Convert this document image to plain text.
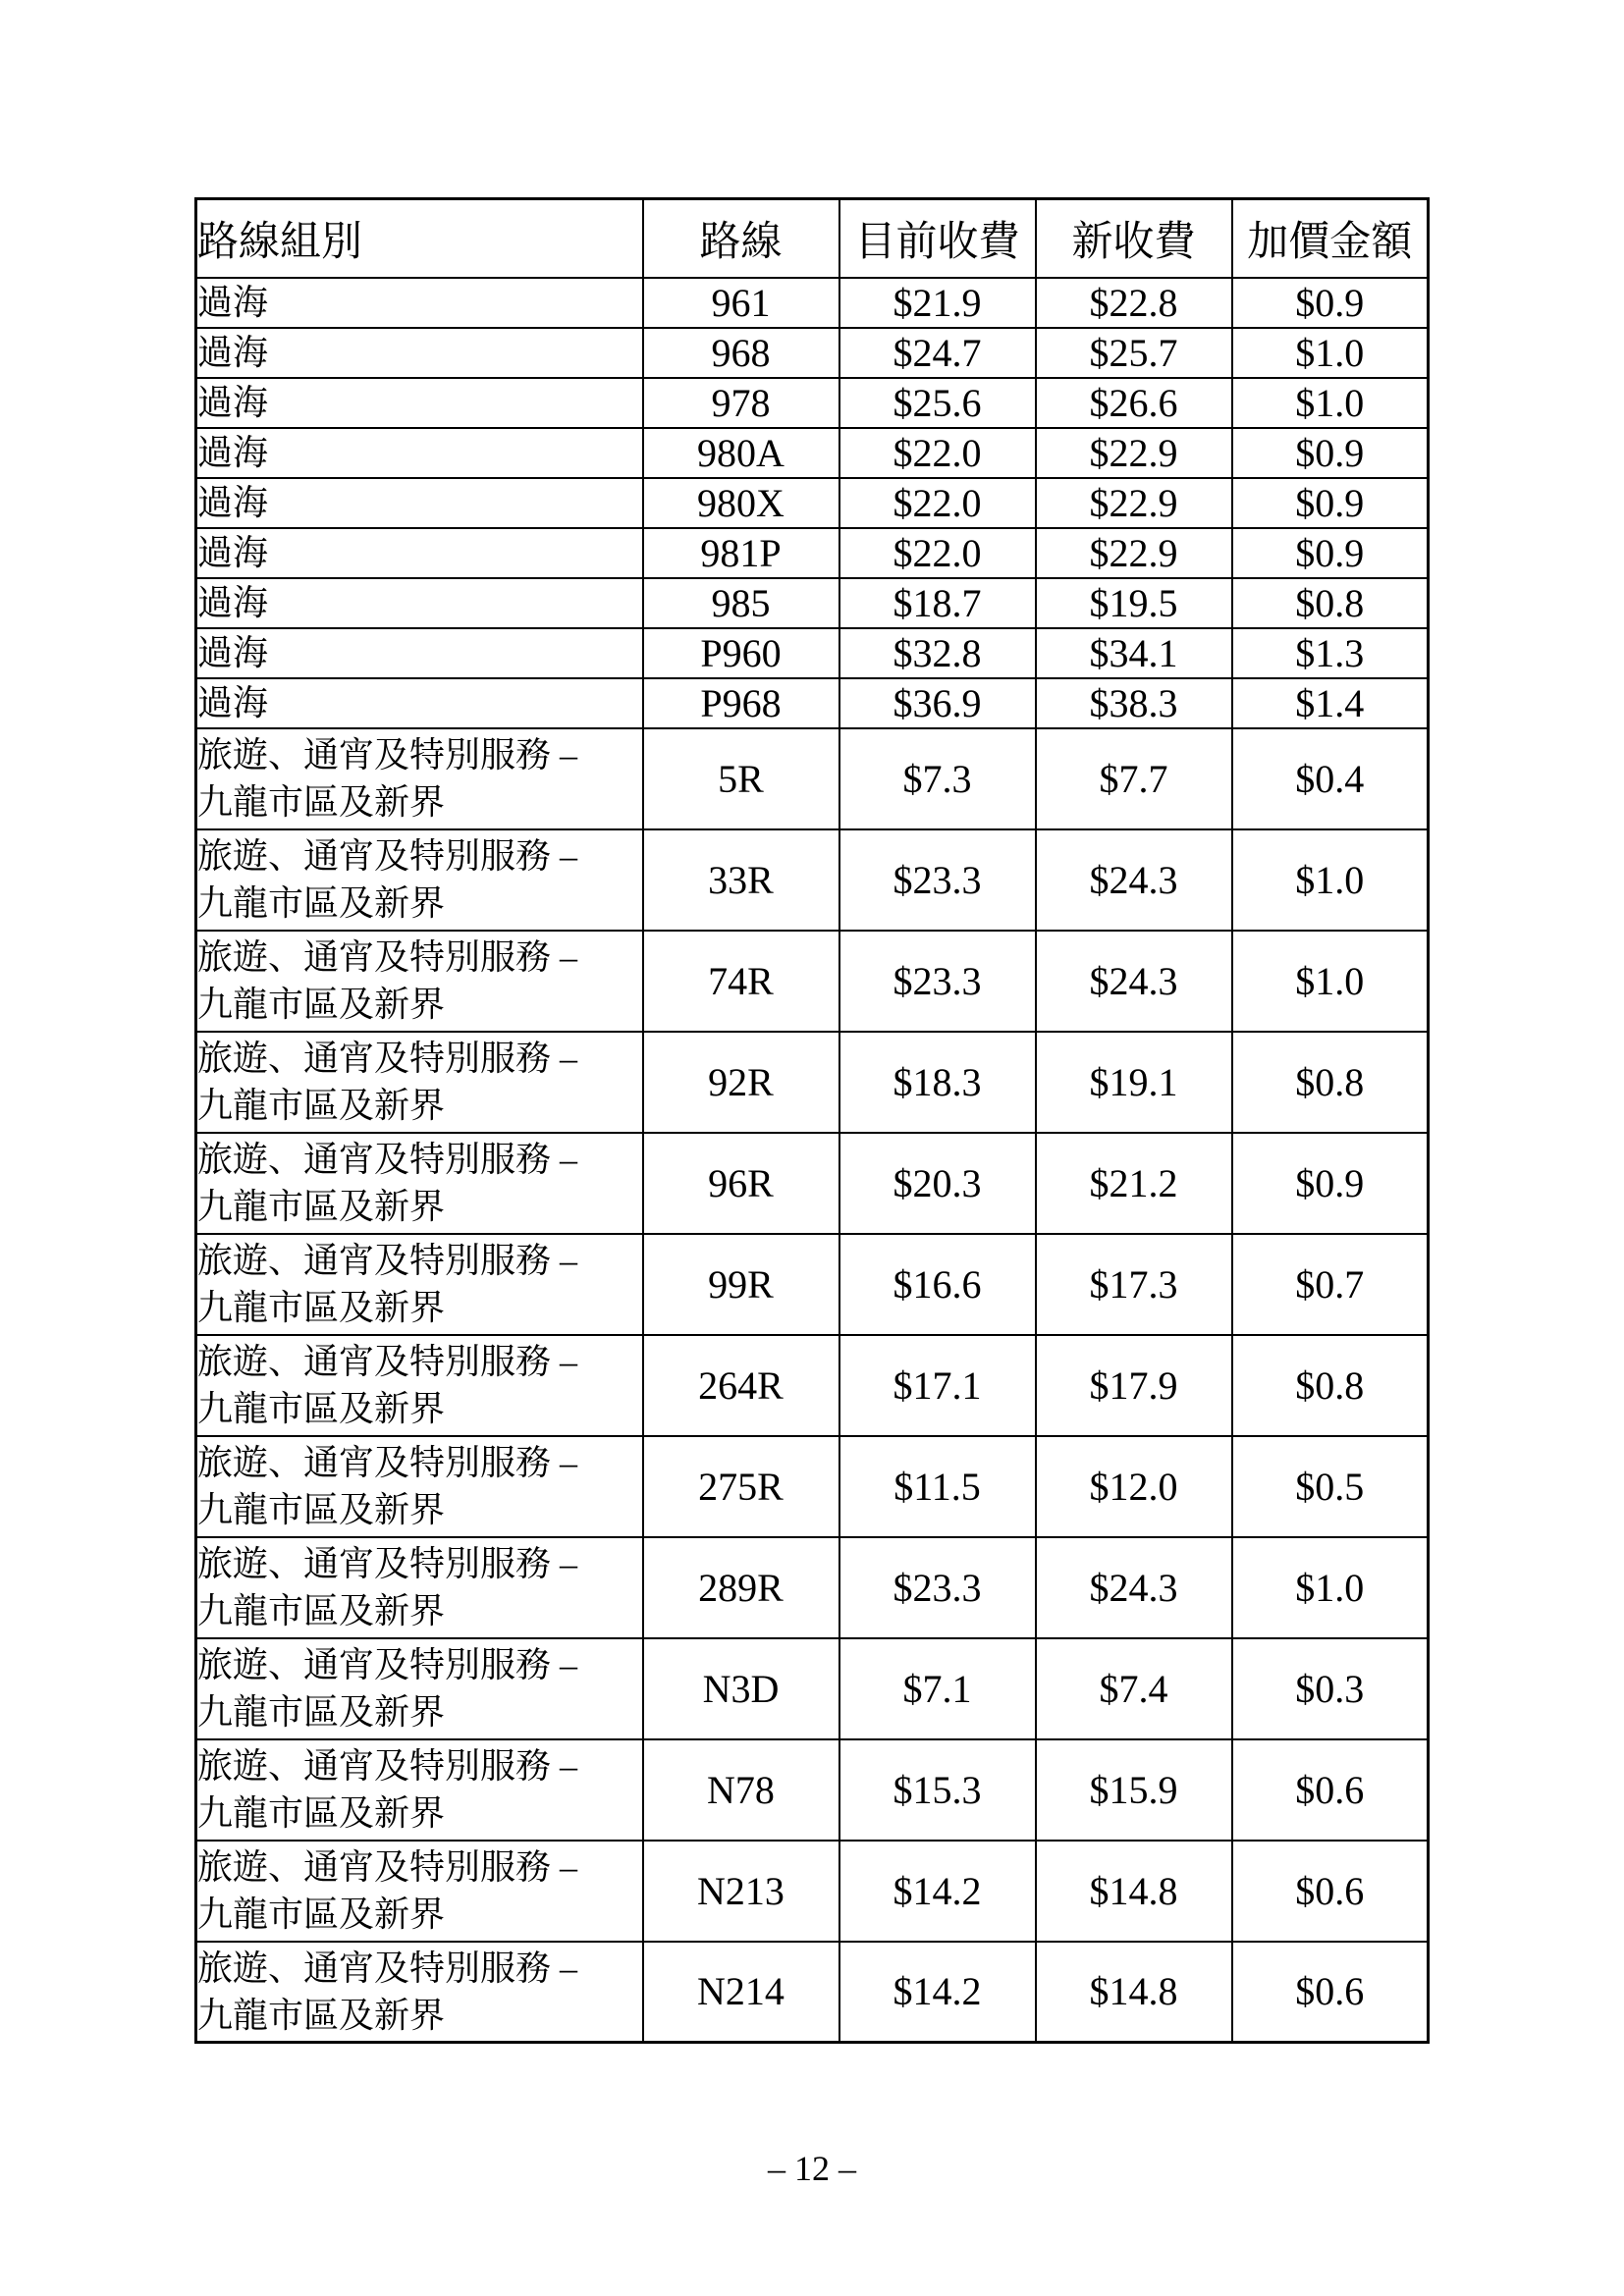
路線組別	路線	目前收費	新收費	加價金額
過海	961	$21.9	$22.8	$0.9
過海	968	$24.7	$25.7	$1.0
過海	978	$25.6	$26.6	$1.0
過海	980A	$22.0	$22.9	$0.9
過海	980X	$22.0	$22.9	$0.9
過海	981P	$22.0	$22.9	$0.9
過海	985	$18.7	$19.5	$0.8
過海	P960	$32.8	$34.1	$1.3
過海	P968	$36.9	$38.3	$1.4
旅遊、通宵及特別服務 –
九龍市區及新界	5R	$7.3	$7.7	$0.4
旅遊、通宵及特別服務 –
九龍市區及新界	33R	$23.3	$24.3	$1.0
旅遊、通宵及特別服務 –
九龍市區及新界	74R	$23.3	$24.3	$1.0
旅遊、通宵及特別服務 –
九龍市區及新界	92R	$18.3	$19.1	$0.8
旅遊、通宵及特別服務 –
九龍市區及新界	96R	$20.3	$21.2	$0.9
旅遊、通宵及特別服務 –
九龍市區及新界	99R	$16.6	$17.3	$0.7
旅遊、通宵及特別服務 –
九龍市區及新界	264R	$17.1	$17.9	$0.8
旅遊、通宵及特別服務 –
九龍市區及新界	275R	$11.5	$12.0	$0.5
旅遊、通宵及特別服務 –
九龍市區及新界	289R	$23.3	$24.3	$1.0
旅遊、通宵及特別服務 –
九龍市區及新界	N3D	$7.1	$7.4	$0.3
旅遊、通宵及特別服務 –
九龍市區及新界	N78	$15.3	$15.9	$0.6
旅遊、通宵及特別服務 –
九龍市區及新界	N213	$14.2	$14.8	$0.6
旅遊、通宵及特別服務 –
九龍市區及新界	N214	$14.2	$14.8	$0.6
– 12 –
